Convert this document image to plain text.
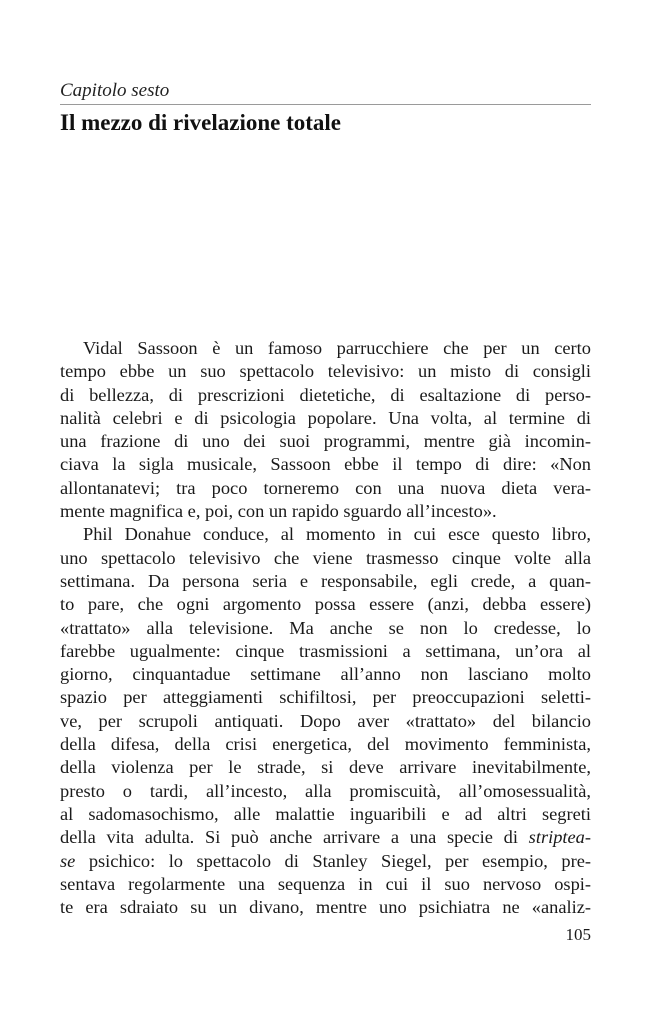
Capitolo sesto
Il mezzo di rivelazione totale
Vidal Sassoon è un famoso parrucchiere che per un certo
tempo ebbe un suo spettacolo televisivo: un misto di consigli
di bellezza, di prescrizioni dietetiche, di esaltazione di perso-
nalità celebri e di psicologia popolare. Una volta, al termine di
una frazione di uno dei suoi programmi, mentre già incomin-
ciava la sigla musicale, Sassoon ebbe il tempo di dire: «Non
allontanatevi; tra poco torneremo con una nuova dieta vera-
mente magnifica e, poi, con un rapido sguardo all’incesto».
Phil Donahue conduce, al momento in cui esce questo libro,
uno spettacolo televisivo che viene trasmesso cinque volte alla
settimana. Da persona seria e responsabile, egli crede, a quan-
to pare, che ogni argomento possa essere (anzi, debba essere)
«trattato» alla televisione. Ma anche se non lo credesse, lo
farebbe ugualmente: cinque trasmissioni a settimana, un’ora al
giorno, cinquantadue settimane all’anno non lasciano molto
spazio per atteggiamenti schifiltosi, per preoccupazioni seletti-
ve, per scrupoli antiquati. Dopo aver «trattato» del bilancio
della difesa, della crisi energetica, del movimento femminista,
della violenza per le strade, si deve arrivare inevitabilmente,
presto o tardi, all’incesto, alla promiscuità, all’omosessualità,
al sadomasochismo, alle malattie inguaribili e ad altri segreti
della vita adulta. Si può anche arrivare a una specie di striptea-
se psichico: lo spettacolo di Stanley Siegel, per esempio, pre-
sentava regolarmente una sequenza in cui il suo nervoso ospi-
te era sdraiato su un divano, mentre uno psichiatra ne «analiz-
105
